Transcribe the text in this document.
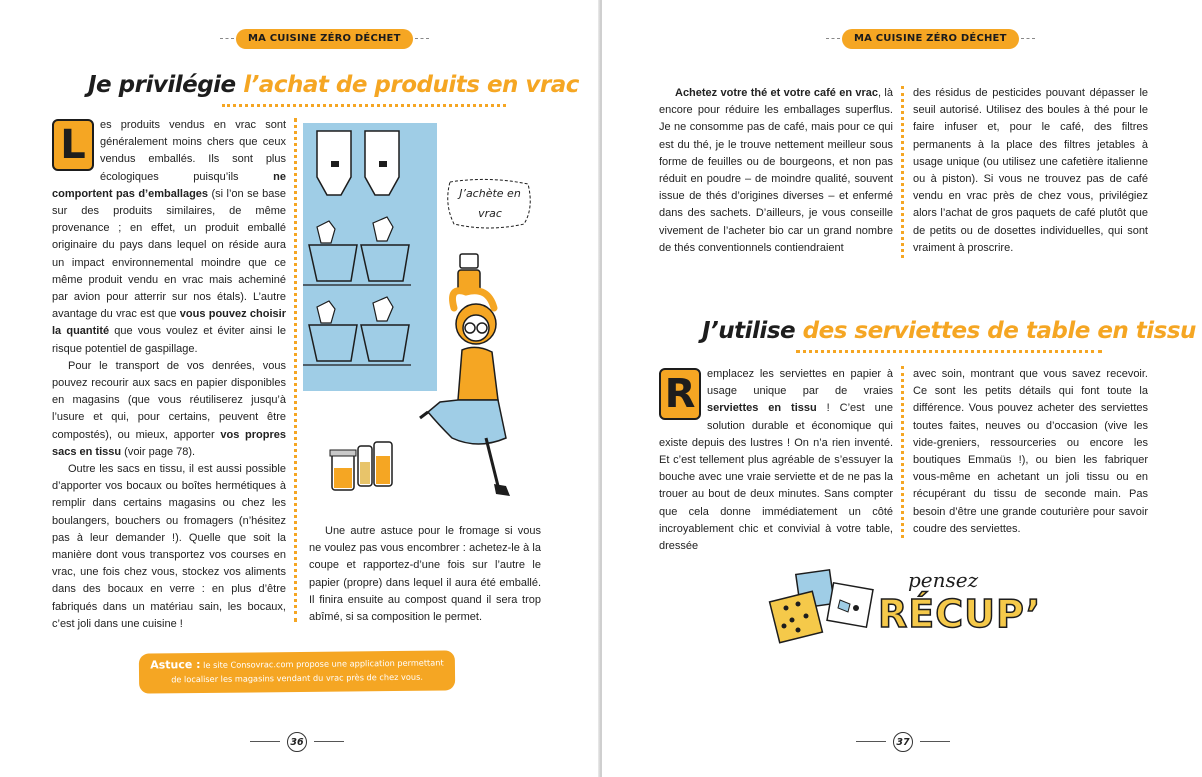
MA CUISINE ZÉRO DÉCHET
Je privilégie l’achat de produits en vrac

L	es produits vendus en vrac sont généralement moins chers que ceux vendus emballés. Ils sont plus écologiques puisqu’ils ne comportent pas d’emballages (si l’on se base sur des produits similaires, de même provenance ; en effet, un produit emballé originaire du pays dans lequel on réside aura un impact environnemental moindre que ce même produit vendu en vrac mais acheminé par avion pour atterrir sur nos étals). L’autre avantage du vrac est que vous pouvez choisir la quantité que vous voulez et éviter ainsi le risque potentiel de gaspillage.

Pour le transport de vos denrées, vous pouvez recourir aux sacs en papier disponibles en magasins (que vous réutiliserez jusqu’à l’usure et qui, pour certains, peuvent être compostés), ou mieux, apporter vos propres sacs en tissu (voir page 78).

Outre les sacs en tissu, il est aussi possible d’apporter vos bocaux ou boîtes hermétiques à remplir dans certains magasins ou chez les boulangers, bouchers ou fromagers (n’hésitez pas à leur demander !). Quelle que soit la manière dont vous transportez vos courses en vrac, une fois chez vous, stockez vos aliments dans des bocaux en verre : en plus d’être fabriqués dans un matériau sain, les bocaux, c’est joli dans une cuisine !

J’achète en vrac

Une autre astuce pour le fromage si vous ne voulez pas vous encombrer : achetez-le à la coupe et rapportez-d’une fois sur l’autre le papier (propre) dans lequel il aura été emballé. Il finira ensuite au compost quand il sera trop abîmé, si sa composition le permet.

Astuce : le site Consovrac.com propose une application permettant
de localiser les magasins vendant du vrac près de chez vous.
36
MA CUISINE ZÉRO DÉCHET

Achetez votre thé et votre café en vrac, là encore pour réduire les emballages superflus. Je ne consomme pas de café, mais pour ce qui est du thé, je le trouve nettement meilleur sous forme de feuilles ou de bourgeons, et non pas réduit en poudre – de moindre qualité, souvent issue de thés d’origines diverses – et enfermé dans des sachets. D’ailleurs, je vous conseille vivement de l’acheter bio car un grand nombre de thés conventionnels contiendraient

des résidus de pesticides pouvant dépasser le seuil autorisé. Utilisez des boules à thé pour le faire infuser et, pour le café, des filtres permanents à la place des filtres jetables à usage unique (ou utilisez une cafetière italienne ou à piston). Si vous ne trouvez pas de café vendu en vrac près de chez vous, privilégiez alors l’achat de gros paquets de café plutôt que de petits ou de dosettes individuelles, qui sont vraiment à proscrire.

J’utilise des serviettes de table en tissu

R	emplacez les serviettes en papier à usage unique par de vraies serviettes en tissu ! C’est une solution durable et économique qui existe depuis des lustres ! On n’a rien inventé. Et c’est tellement plus agréable de s’essuyer la bouche avec une vraie serviette et de ne pas la trouer au bout de deux minutes. Sans compter que cela donne immédiatement un côté incroyablement chic et convivial à votre table, dressée

avec soin, montrant que vous savez recevoir. Ce sont les petits détails qui font toute la différence. Vous pouvez acheter des serviettes toutes faites, neuves ou d’occasion (vive les vide-greniers, ressourceries ou encore les boutiques Emmaüs !), ou bien les fabriquer vous-même en achetant un joli tissu ou en récupérant du tissu de seconde main. Pas besoin d’être une grande couturière pour savoir coudre des serviettes.

pensez
RÉCUP’
37
